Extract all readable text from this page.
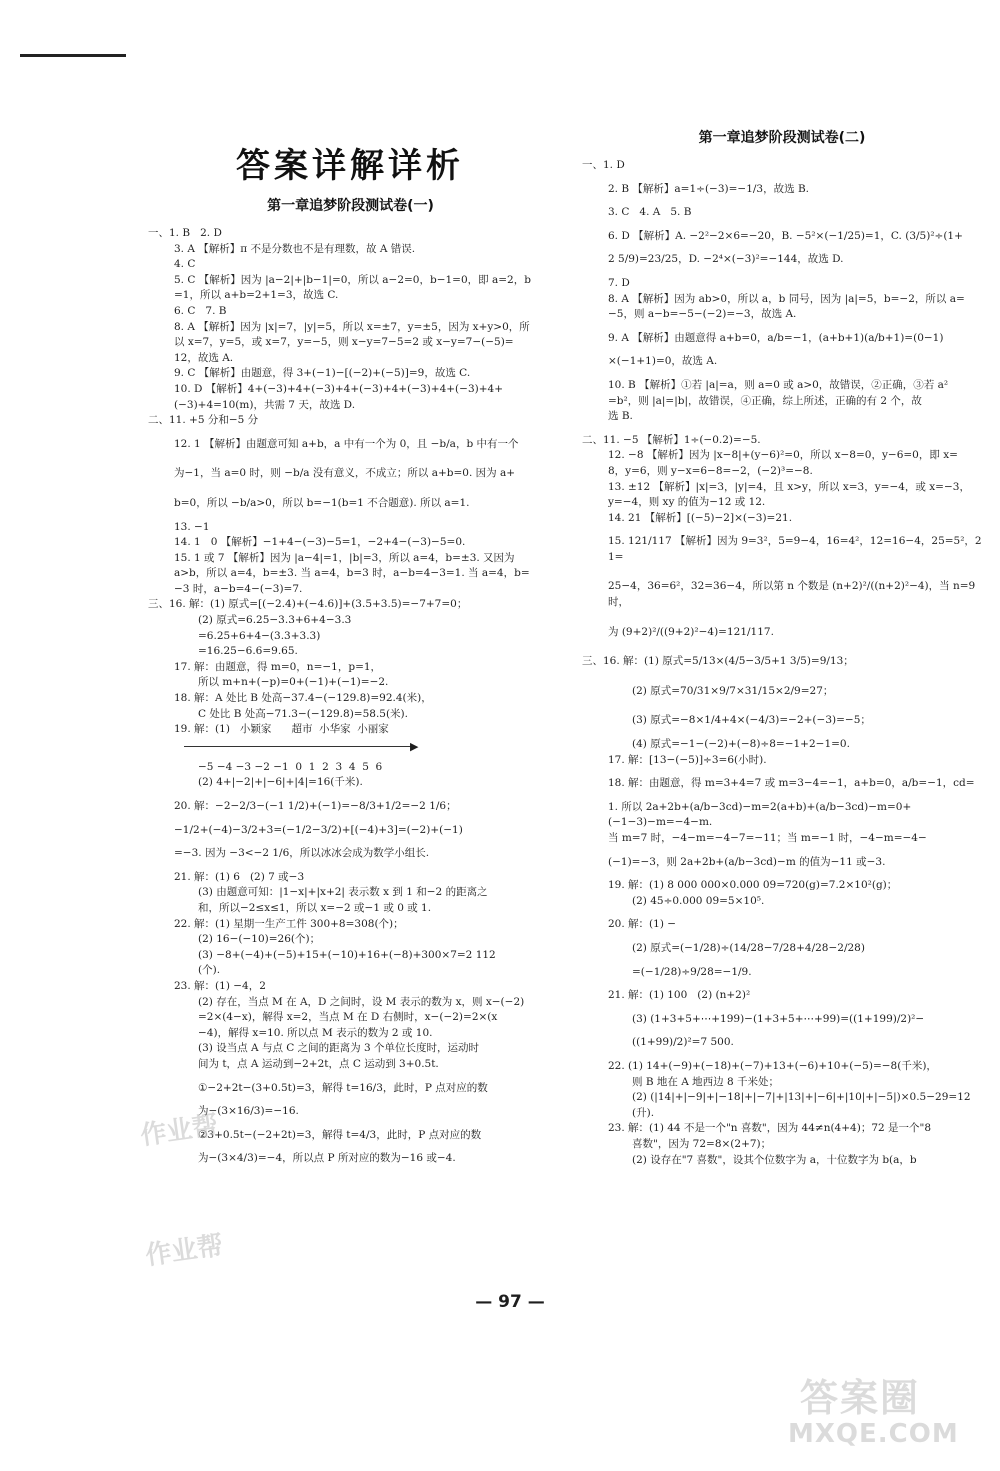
答案详解详析
第一章追梦阶段测试卷(一)

一、1. B   2. D

3. A 【解析】π 不是分数也不是有理数，故 A 错误.

4. C

5. C 【解析】因为 |a−2|+|b−1|=0，所以 a−2=0，b−1=0，即 a=2，b

=1，所以 a+b=2+1=3，故选 C.

6. C   7. B

8. A 【解析】因为 |x|=7，|y|=5，所以 x=±7，y=±5，因为 x+y>0，所

以 x=7，y=5，或 x=7，y=−5，则 x−y=7−5=2 或 x−y=7−(−5)=

12，故选 A.

9. C 【解析】由题意，得 3+(−1)−[(−2)+(−5)]=9，故选 C.

10. D 【解析】4+(−3)+4+(−3)+4+(−3)+4+(−3)+4+(−3)+4+

(−3)+4=10(m)，共需 7 天，故选 D.

二、11. +5 分和−5 分

12. 1 【解析】由题意可知 a+b，a 中有一个为 0，且 −b/a，b 中有一个

为−1，当 a=0 时，则 −b/a 没有意义，不成立；所以 a+b=0. 因为 a+

b=0，所以 −b/a>0，所以 b=−1(b=1 不合题意). 所以 a=1.

13. −1

14. 1   0 【解析】−1+4−(−3)−5=1，−2+4−(−3)−5=0.

15. 1 或 7 【解析】因为 |a−4|=1，|b|=3，所以 a=4，b=±3. 又因为

a>b，所以 a=4，b=±3. 当 a=4，b=3 时，a−b=4−3=1. 当 a=4，b=

−3 时，a−b=4−(−3)=7.

三、16. 解：(1) 原式=[(−2.4)+(−4.6)]+(3.5+3.5)=−7+7=0；

(2) 原式=6.25−3.3+6+4−3.3

=6.25+6+4−(3.3+3.3)

=16.25−6.6=9.65.

17. 解：由题意，得 m=0，n=−1，p=1，

所以 m+n+(−p)=0+(−1)+(−1)=−2.

18. 解：A 处比 B 处高−37.4−(−129.8)=92.4(米)，

C 处比 B 处高−71.3−(−129.8)=58.5(米).

19. 解：(1)   小颖家      超市  小华家  小丽家

▶

−5 −4 −3 −2 −1  0  1  2  3  4  5  6

(2) 4+|−2|+|−6|+|4|=16(千米).

20. 解：−2−2/3−(−1 1/2)+(−1)=−8/3+1/2=−2 1/6；

−1/2+(−4)−3/2+3=(−1/2−3/2)+[(−4)+3]=(−2)+(−1)

=−3. 因为 −3<−2 1/6，所以冰冰会成为数学小组长.

21. 解：(1) 6   (2) 7 或−3

(3) 由题意可知：|1−x|+|x+2| 表示数 x 到 1 和−2 的距离之

和，所以−2≤x≤1，所以 x=−2 或−1 或 0 或 1.

22. 解：(1) 星期一生产工件 300+8=308(个)；

(2) 16−(−10)=26(个)；

(3) −8+(−4)+(−5)+15+(−10)+16+(−8)+300×7=2 112

(个).

23. 解：(1) −4，2

(2) 存在，当点 M 在 A，D 之间时，设 M 表示的数为 x，则 x−(−2)

=2×(4−x)，解得 x=2，当点 M 在 D 右侧时，x−(−2)=2×(x

−4)，解得 x=10. 所以点 M 表示的数为 2 或 10.

(3) 设当点 A 与点 C 之间的距离为 3 个单位长度时，运动时

间为 t，点 A 运动到−2+2t，点 C 运动到 3+0.5t.

①−2+2t−(3+0.5t)=3，解得 t=16/3，此时，P 点对应的数

为−(3×16/3)=−16.

②3+0.5t−(−2+2t)=3，解得 t=4/3，此时，P 点对应的数

为−(3×4/3)=−4，所以点 P 所对应的数为−16 或−4.

第一章追梦阶段测试卷(二)

一、1. D

2. B 【解析】a=1÷(−3)=−1/3，故选 B.

3. C   4. A   5. B

6. D 【解析】A. −2²−2×6=−20，B. −5²×(−1/25)=1，C. (3/5)²÷(1+

2 5/9)=23/25，D. −2⁴×(−3)²=−144，故选 D.

7. D

8. A 【解析】因为 ab>0，所以 a，b 同号，因为 |a|=5，b=−2，所以 a=

−5，则 a−b=−5−(−2)=−3，故选 A.

9. A 【解析】由题意得 a+b=0，a/b=−1，(a+b+1)(a/b+1)=(0−1)

×(−1+1)=0，故选 A.

10. B 【解析】①若 |a|=a，则 a=0 或 a>0，故错误，②正确，③若 a²

=b²，则 |a|=|b|，故错误，④正确，综上所述，正确的有 2 个，故

选 B.

二、11. −5 【解析】1÷(−0.2)=−5.

12. −8 【解析】因为 |x−8|+(y−6)²=0，所以 x−8=0，y−6=0，即 x=

8，y=6，则 y−x=6−8=−2，(−2)³=−8.

13. ±12 【解析】|x|=3，|y|=4，且 x>y，所以 x=3，y=−4，或 x=−3，

y=−4，则 xy 的值为−12 或 12.

14. 21 【解析】[(−5)−2]×(−3)=21.

15. 121/117 【解析】因为 9=3²，5=9−4，16=4²，12=16−4，25=5²，21=

25−4，36=6²，32=36−4，所以第 n 个数是 (n+2)²/((n+2)²−4)，当 n=9 时，

为 (9+2)²/((9+2)²−4)=121/117.

三、16. 解：(1) 原式=5/13×(4/5−3/5+1 3/5)=9/13；

(2) 原式=70/31×9/7×31/15×2/9=27；

(3) 原式=−8×1/4+4×(−4/3)=−2+(−3)=−5；

(4) 原式=−1−(−2)+(−8)÷8=−1+2−1=0.

17. 解：[13−(−5)]÷3=6(小时).

18. 解：由题意，得 m=3+4=7 或 m=3−4=−1，a+b=0，a/b=−1，cd=

1. 所以 2a+2b+(a/b−3cd)−m=2(a+b)+(a/b−3cd)−m=0+

(−1−3)−m=−4−m.

当 m=7 时，−4−m=−4−7=−11；当 m=−1 时，−4−m=−4−

(−1)=−3，则 2a+2b+(a/b−3cd)−m 的值为−11 或−3.

19. 解：(1) 8 000 000×0.000 09=720(g)=7.2×10²(g)；

(2) 45÷0.000 09=5×10⁵.

20. 解：(1) −

(2) 原式=(−1/28)÷(14/28−7/28+4/28−2/28)

=(−1/28)÷9/28=−1/9.

21. 解：(1) 100   (2) (n+2)²

(3) (1+3+5+⋯+199)−(1+3+5+⋯+99)=((1+199)/2)²−

((1+99)/2)²=7 500.

22. (1) 14+(−9)+(−18)+(−7)+13+(−6)+10+(−5)=−8(千米)，

则 B 地在 A 地西边 8 千米处；

(2) (|14|+|−9|+|−18|+|−7|+|13|+|−6|+|10|+|−5|)×0.5−29=12

(升).

23. 解：(1) 44 不是一个"n 喜数"，因为 44≠n(4+4)；72 是一个"8

喜数"，因为 72=8×(2+7)；

(2) 设存在"7 喜数"，设其个位数字为 a，十位数字为 b(a，b

作业帮
作业帮
— 97 —
答案圈
MXQE.COM
